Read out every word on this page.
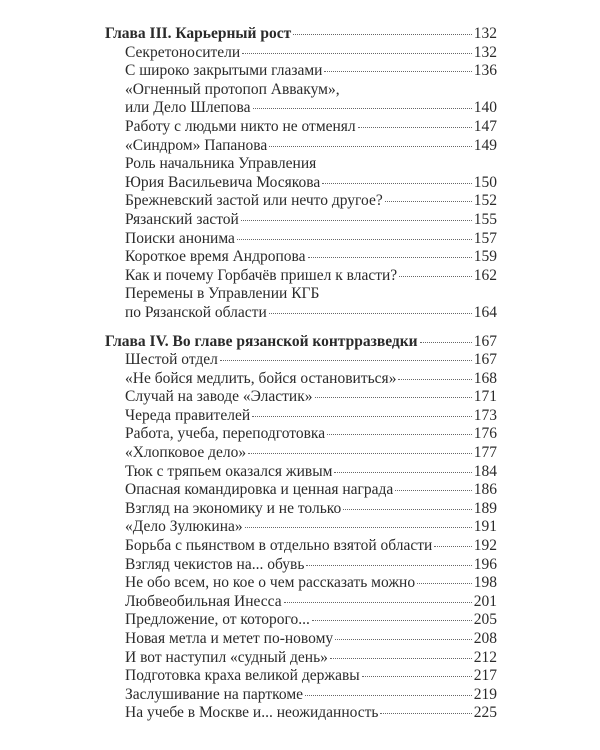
Глава III. Карьерный рост	132
Секретоносители	132
С широко закрытыми глазами	136
«Огненный протопоп Аввакум»,
или Дело Шлепова	140
Работу с людьми никто не отменял	147
«Синдром» Папанова	149
Роль начальника Управления
Юрия Васильевича Мосякова	150
Брежневский застой или нечто другое?	152
Рязанский застой	155
Поиски анонима	157
Короткое время Андропова	159
Как и почему Горбачёв пришел к власти?	162
Перемены в Управлении КГБ
по Рязанской области	164
Глава IV. Во главе рязанской контрразведки	167
Шестой отдел	167
«Не бойся медлить, бойся остановиться»	168
Случай на заводе «Эластик»	171
Череда правителей	173
Работа, учеба, переподготовка	176
«Хлопковое дело»	177
Тюк с тряпьем оказался живым	184
Опасная командировка и ценная награда	186
Взгляд на экономику и не только	189
«Дело Зулюкина»	191
Борьба с пьянством в отдельно взятой области	192
Взгляд чекистов на... обувь	196
Не обо всем, но кое о чем рассказать можно	198
Любвеобильная Инесса	201
Предложение, от которого...	205
Новая метла и метет по-новому	208
И вот наступил «судный день»	212
Подготовка краха великой державы	217
Заслушивание на парткоме	219
На учебе в Москве и... неожиданность	225
